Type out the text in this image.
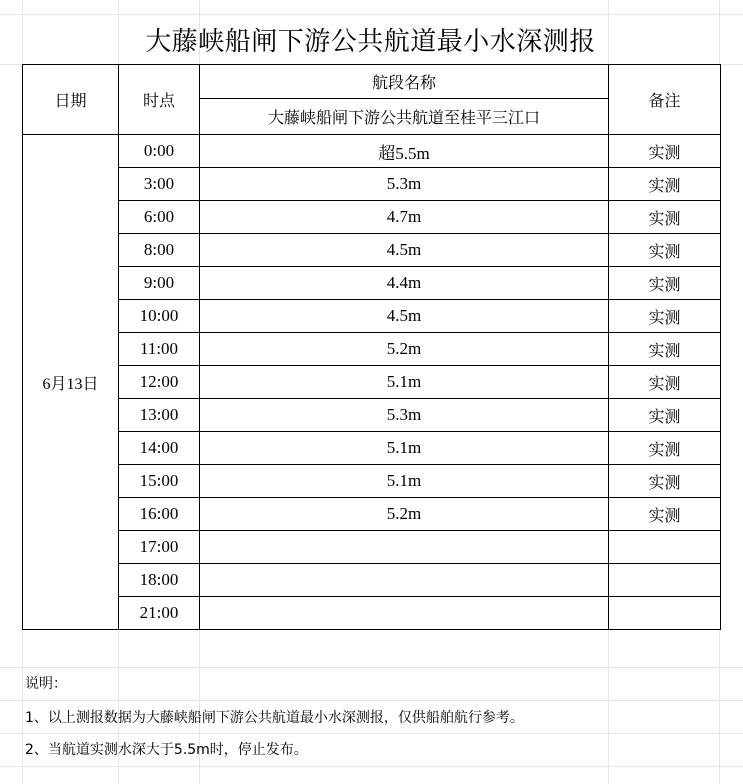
大藤峡船闸下游公共航道最小水深测报
日期	时点	航段名称	备注
		大藤峡船闸下游公共航道至桂平三江口	
6月13日	0:00	超5.5m	实测
	3:00	5.3m	实测
	6:00	4.7m	实测
	8:00	4.5m	实测
	9:00	4.4m	实测
	10:00	4.5m	实测
	11:00	5.2m	实测
	12:00	5.1m	实测
	13:00	5.3m	实测
	14:00	5.1m	实测
	15:00	5.1m	实测
	16:00	5.2m	实测
	17:00		
	18:00		
	21:00		
说明：
1、以上测报数据为大藤峡船闸下游公共航道最小水深测报，仅供船舶航行参考。
2、当航道实测水深大于5.5m时，停止发布。
